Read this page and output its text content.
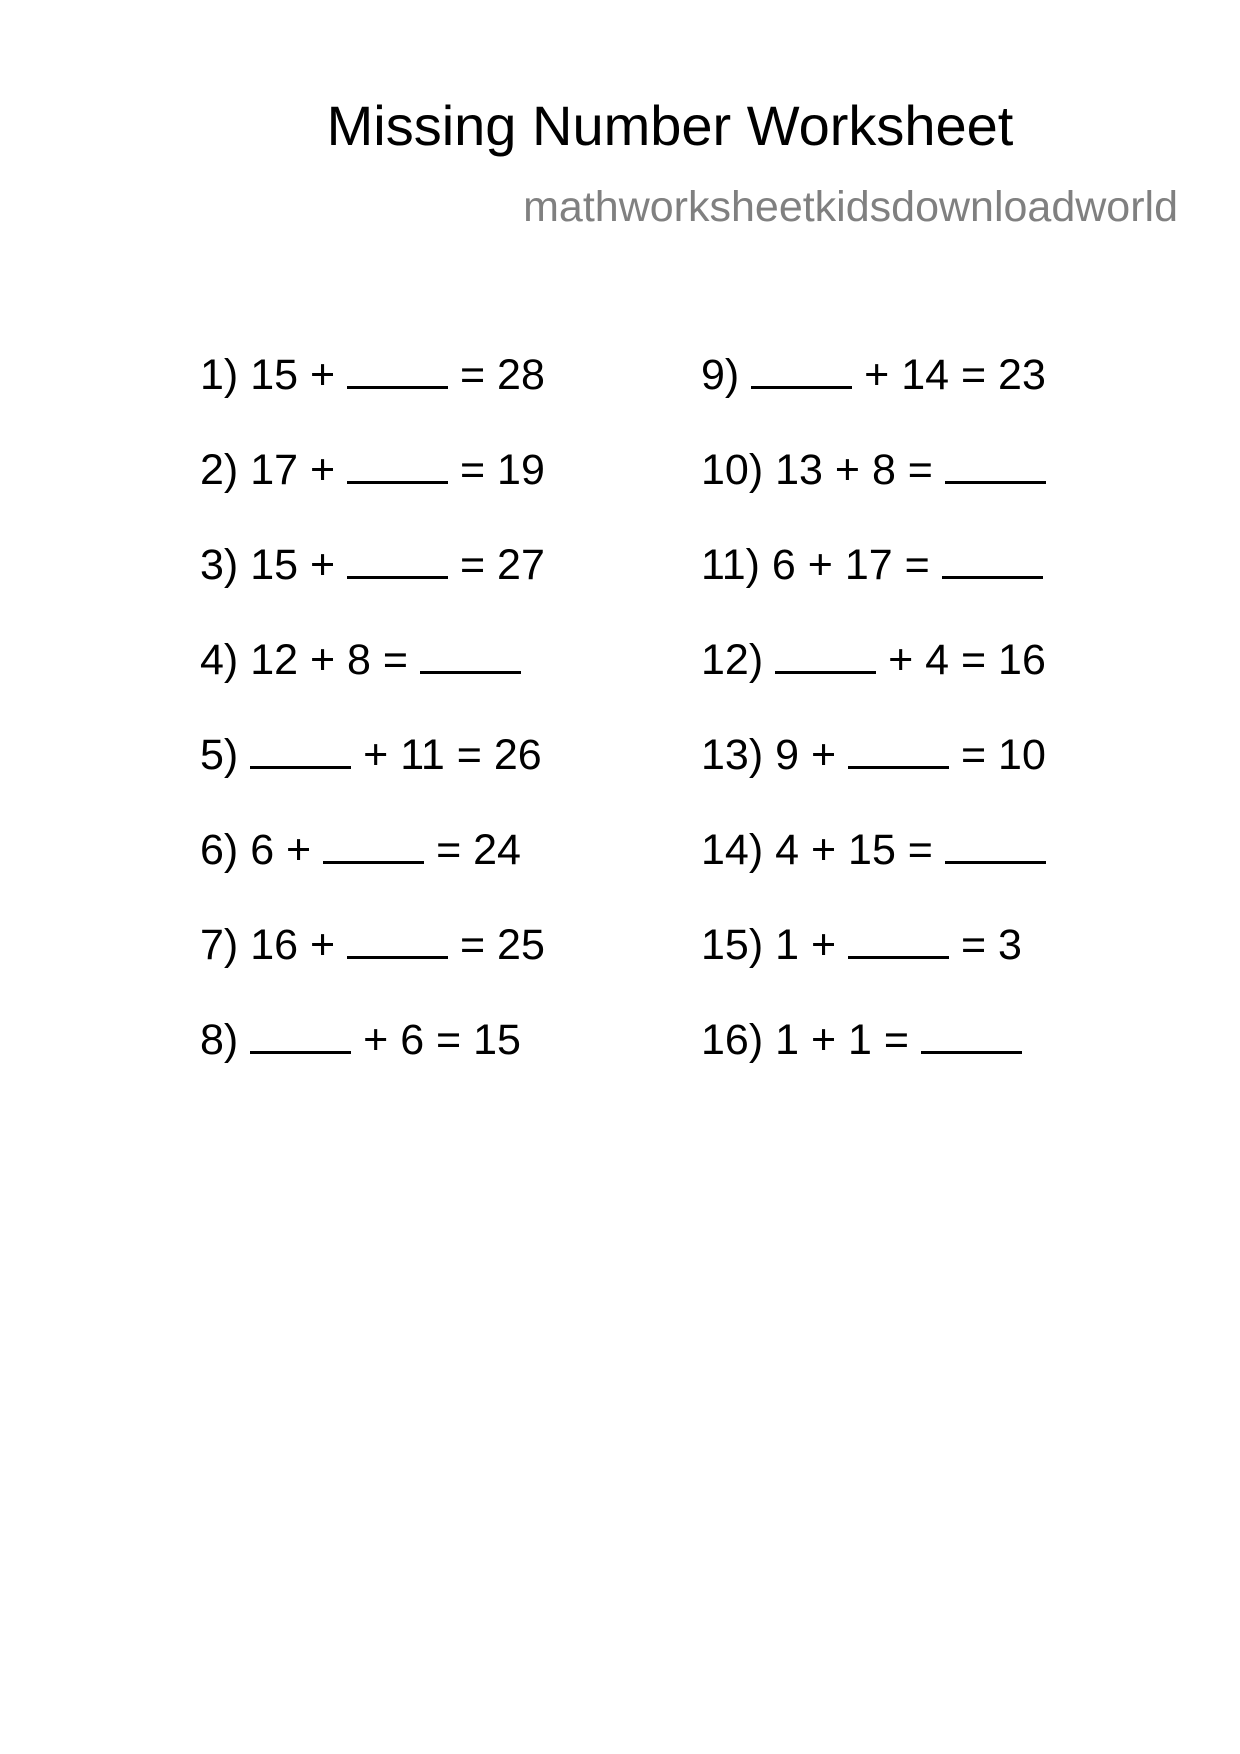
Missing Number Worksheet
mathworksheetkidsdownloadworld
1) 15 +	= 28
2) 17 +	= 19
3) 15 +	= 27
4) 12 + 8 =
5)	+ 11 = 26
6) 6 +	= 24
7) 16 +	= 25
8)	+ 6 = 15
9)	+ 14 = 23
10) 13 + 8 =
11) 6 + 17 =
12)	+ 4 = 16
13) 9 +	= 10
14) 4 + 15 =
15) 1 +	= 3
16) 1 + 1 =
